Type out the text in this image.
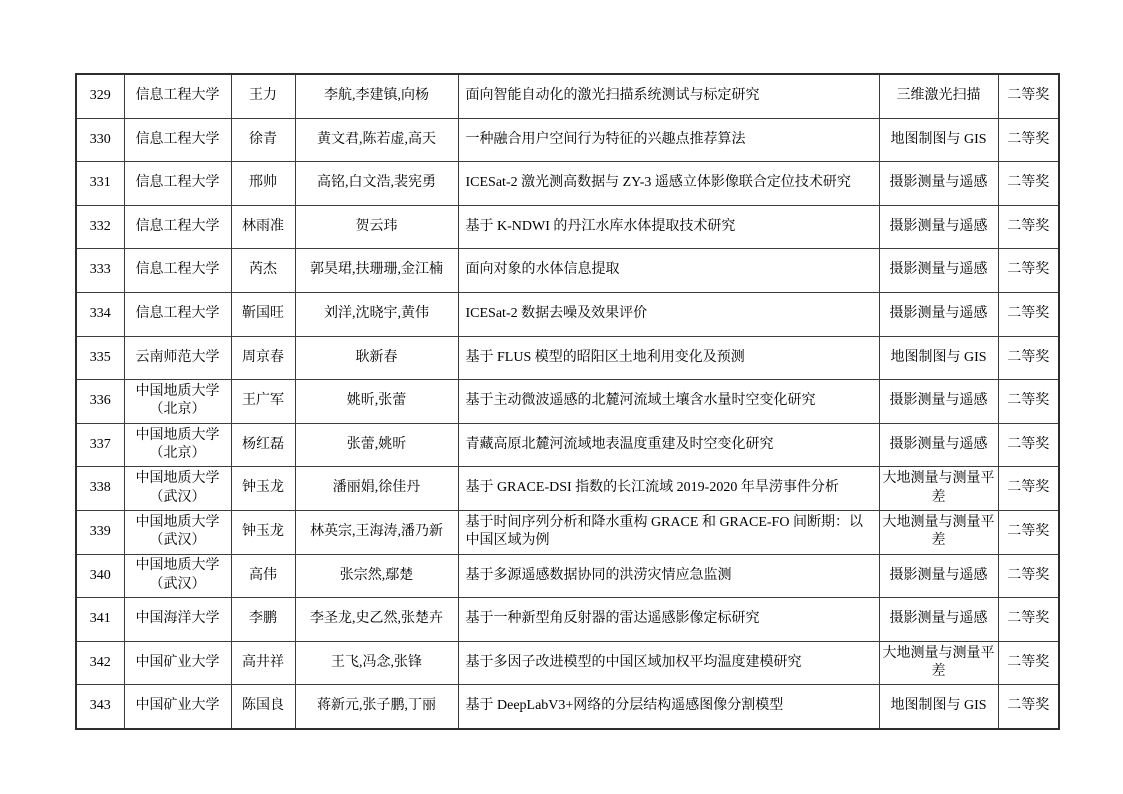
329	信息工程大学	王力	李航,李建镇,向杨	面向智能自动化的激光扫描系统测试与标定研究	三维激光扫描	二等奖
330	信息工程大学	徐青	黄文君,陈若虚,高天	一种融合用户空间行为特征的兴趣点推荐算法	地图制图与 GIS	二等奖
331	信息工程大学	邢帅	高铭,白文浩,裴宪勇	ICESat-2 激光测高数据与 ZY-3 遥感立体影像联合定位技术研究	摄影测量与遥感	二等奖
332	信息工程大学	林雨准	贺云玮	基于 K-NDWI 的丹江水库水体提取技术研究	摄影测量与遥感	二等奖
333	信息工程大学	芮杰	郭昊珺,扶珊珊,金江楠	面向对象的水体信息提取	摄影测量与遥感	二等奖
334	信息工程大学	靳国旺	刘洋,沈晓宇,黄伟	ICESat-2 数据去噪及效果评价	摄影测量与遥感	二等奖
335	云南师范大学	周京春	耿新春	基于 FLUS 模型的昭阳区土地利用变化及预测	地图制图与 GIS	二等奖
336	中国地质大学（北京）	王广军	姚昕,张蕾	基于主动微波遥感的北麓河流域土壤含水量时空变化研究	摄影测量与遥感	二等奖
337	中国地质大学（北京）	杨红磊	张蕾,姚昕	青藏高原北麓河流域地表温度重建及时空变化研究	摄影测量与遥感	二等奖
338	中国地质大学（武汉）	钟玉龙	潘丽娟,徐佳丹	基于 GRACE-DSI 指数的长江流域 2019-2020 年旱涝事件分析	大地测量与测量平差	二等奖
339	中国地质大学（武汉）	钟玉龙	林英宗,王海涛,潘乃新	基于时间序列分析和降水重构 GRACE 和 GRACE-FO 间断期：以中国区域为例	大地测量与测量平差	二等奖
340	中国地质大学（武汉）	高伟	张宗然,鄢楚	基于多源遥感数据协同的洪涝灾情应急监测	摄影测量与遥感	二等奖
341	中国海洋大学	李鹏	李圣龙,史乙然,张楚卉	基于一种新型角反射器的雷达遥感影像定标研究	摄影测量与遥感	二等奖
342	中国矿业大学	高井祥	王飞,冯念,张锋	基于多因子改进模型的中国区域加权平均温度建模研究	大地测量与测量平差	二等奖
343	中国矿业大学	陈国良	蒋新元,张子鹏,丁丽	基于 DeepLabV3+网络的分层结构遥感图像分割模型	地图制图与 GIS	二等奖
